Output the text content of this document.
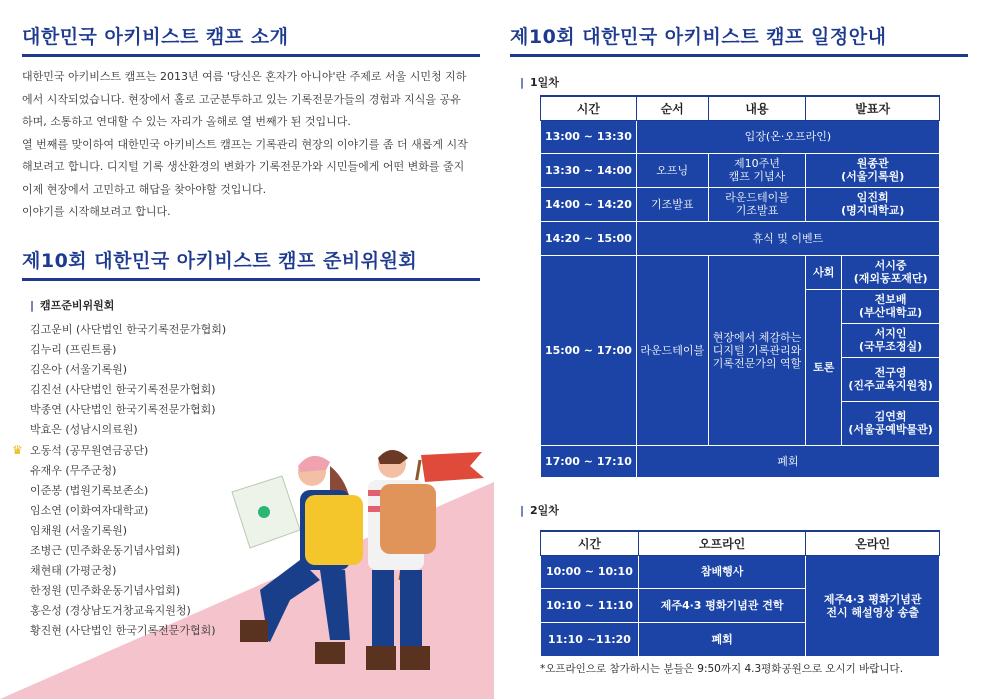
대한민국 아키비스트 캠프 소개

대한민국 아키비스트 캠프는 2013년 여름 '당신은 혼자가 아니야'란 주제로 서울 시민청 지하

에서 시작되었습니다. 현장에서 홀로 고군분투하고 있는 기록전문가들의 경험과 지식을 공유

하며, 소통하고 연대할 수 있는 자리가 올해로 열 번째가 된 것입니다.

열 번째를 맞이하여 대한민국 아키비스트 캠프는 기록관리 현장의 이야기를 좀 더 새롭게 시작

해보려고 합니다. 디지털 기록 생산환경의 변화가 기록전문가와 시민들에게 어떤 변화를 줄지

이제 현장에서 고민하고 해답을 찾아야할 것입니다.

이야기를 시작해보려고 합니다.

제10회 대한민국 아키비스트 캠프 준비위원회
| 캠프준비위원회
김고운비 (사단법인 한국기록전문가협회)
김누리 (프린트룸)
김은아 (서울기록원)
김진선 (사단법인 한국기록전문가협회)
박종연 (사단법인 한국기록전문가협회)
박효은 (성남시의료원)
오동석 (공무원연금공단)
유재우 (무주군청)
이준봉 (법원기록보존소)
임소연 (이화여자대학교)
임채원 (서울기록원)
조병근 (민주화운동기념사업회)
채현태 (가평군청)
한정원 (민주화운동기념사업회)
홍은성 (경상남도거창교육지원청)
황진현 (사단법인 한국기록전문가협회)
♛
제10회 대한민국 아키비스트 캠프 일정안내
| 1일차
시간	순서	내용	발표자	
13:00 ~ 13:30	입장(온·오프라인)			
13:30 ~ 14:00	오프닝	제10주년
캠프 기념사	원종관
(서울기록원)	
14:00 ~ 14:20	기조발표	라운드테이블
기조발표	임진희
(명지대학교)	
14:20 ~ 15:00	휴식 및 이벤트			
15:00 ~ 17:00	라운드테이블	현장에서 체감하는
디지털 기록관리와
기록전문가의 역할	사회	서시중
(재외동포재단)
			토론	전보배
(부산대학교)
				서지인
(국무조정실)
				전구영
(진주교육지원청)
				김연희
(서울공예박물관)
17:00 ~ 17:10	폐회			
| 2일차
시간	오프라인	온라인
10:00 ~ 10:10	참배행사	제주4·3 평화기념관
전시 해설영상 송출
10:10 ~ 11:10	제주4·3 평화기념관 견학	
11:10 ~11:20	폐회	
*오프라인으로 참가하시는 분들은 9:50까지 4.3평화공원으로 오시기 바랍니다.
